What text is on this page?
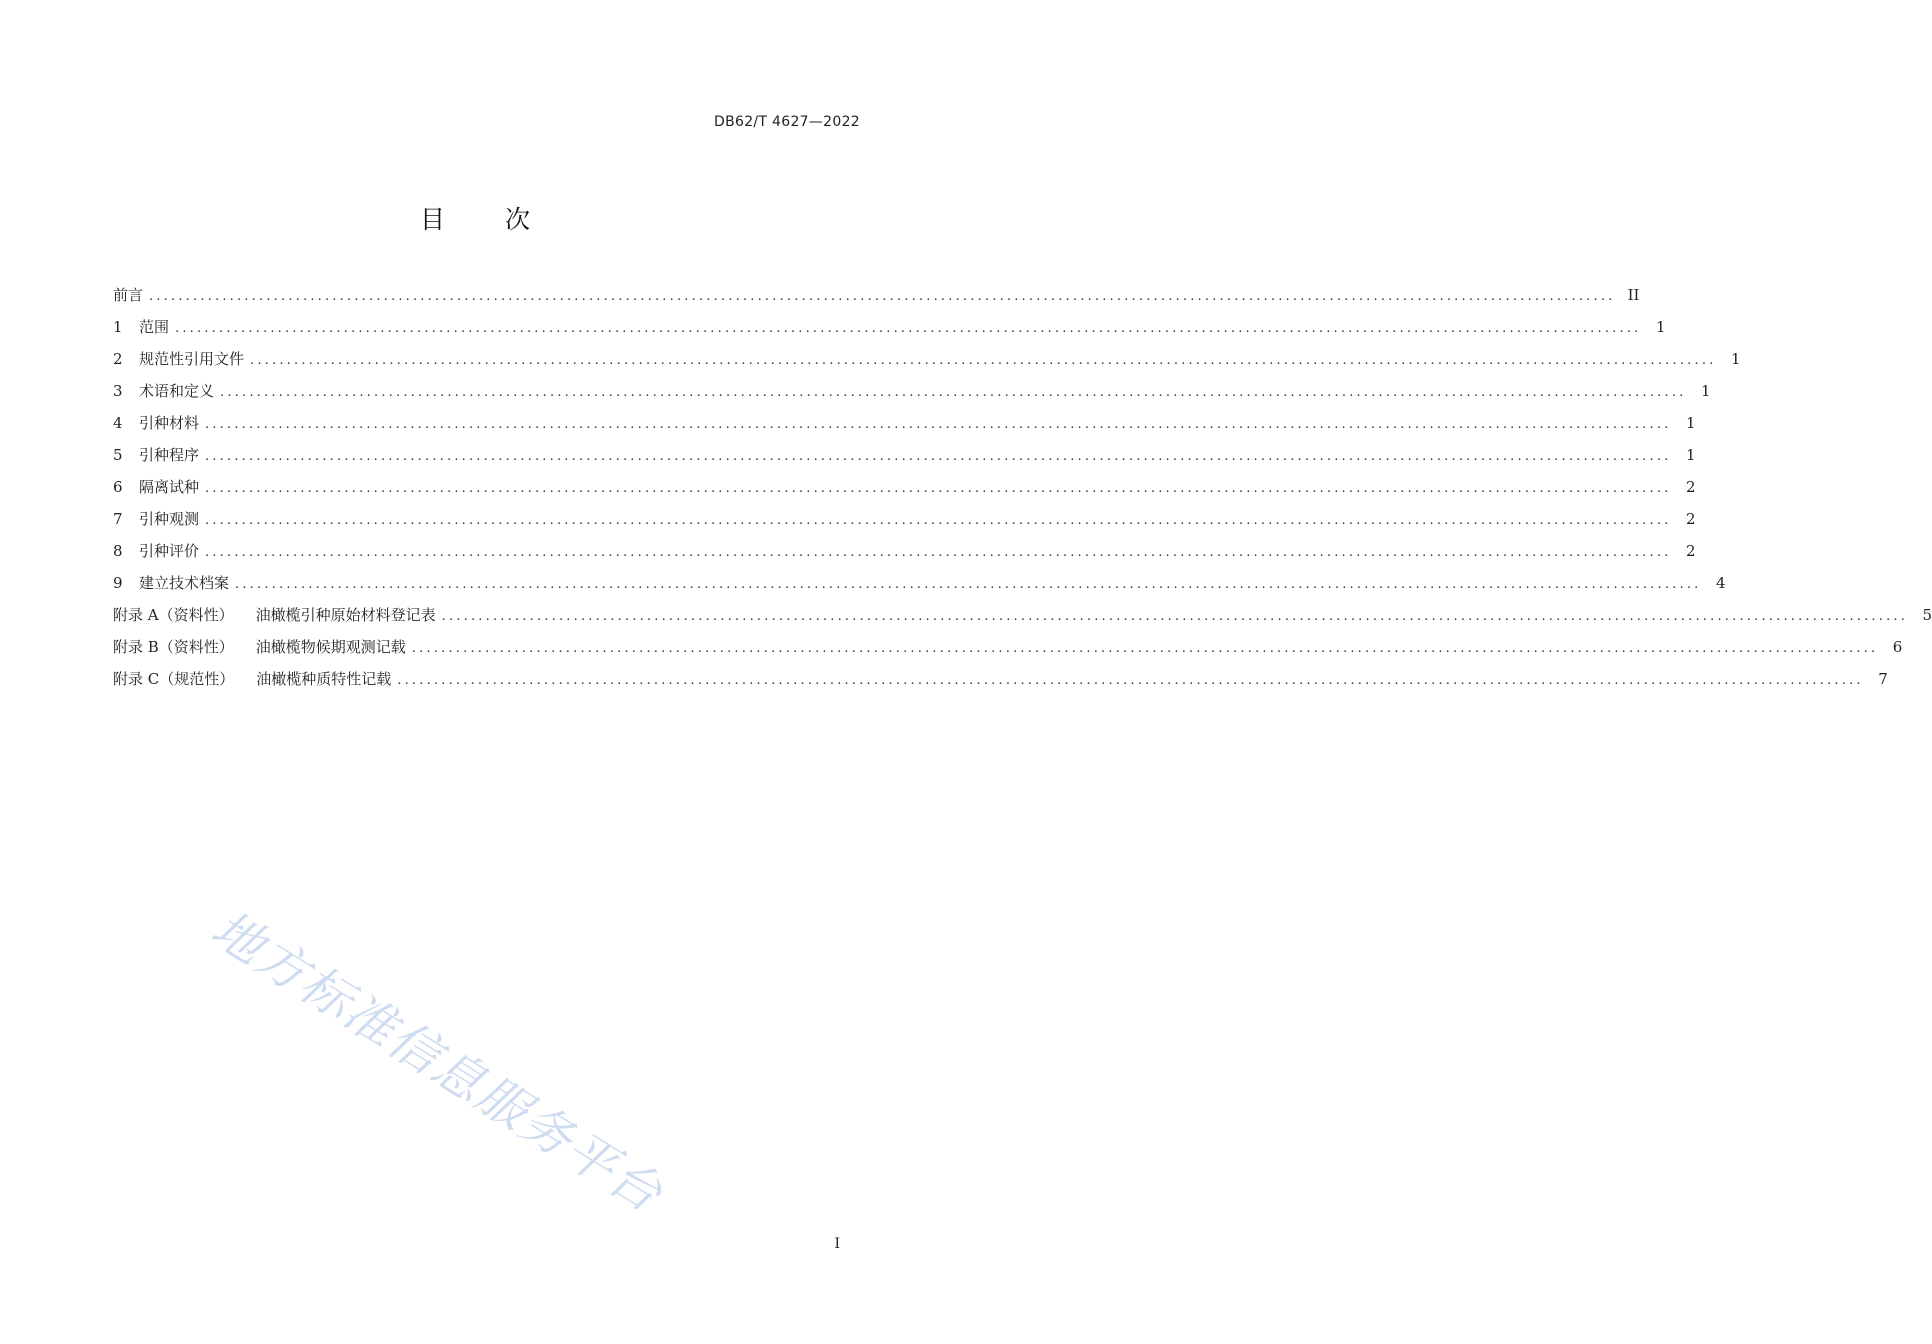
DB62/T 4627—2022
目次
前言 ........................................................................................................................................................................................................ II
1	范围 ........................................................................................................................................................................................................ 1
2	规范性引用文件 ........................................................................................................................................................................................................ 1
3	术语和定义 ........................................................................................................................................................................................................ 1
4	引种材料 ........................................................................................................................................................................................................ 1
5	引种程序 ........................................................................................................................................................................................................ 1
6	隔离试种 ........................................................................................................................................................................................................ 2
7	引种观测 ........................................................................................................................................................................................................ 2
8	引种评价 ........................................................................................................................................................................................................ 2
9	建立技术档案 ........................................................................................................................................................................................................ 4
附录 A（资料性） 油橄榄引种原始材料登记表 ........................................................................................................................................................................................................ 5
附录 B（资料性） 油橄榄物候期观测记载 ........................................................................................................................................................................................................ 6
附录 C（规范性） 油橄榄种质特性记载 ........................................................................................................................................................................................................ 7
地方标准信息服务平台
I
